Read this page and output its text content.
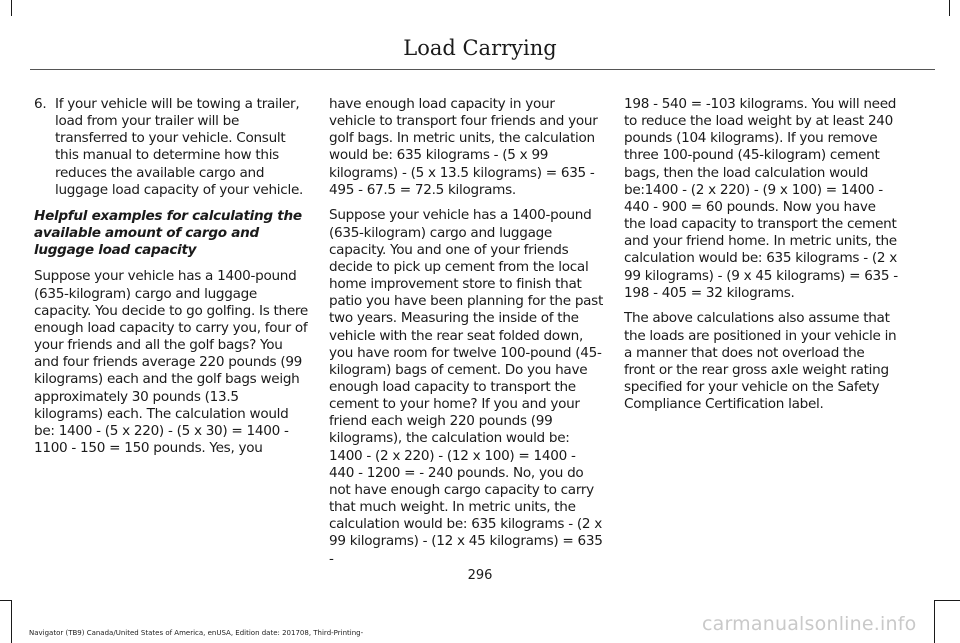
Load Carrying
6. If your vehicle will be towing a trailer, load from your trailer will be transferred to your vehicle. Consult this manual to determine how this reduces the available cargo and luggage load capacity of your vehicle.
Helpful examples for calculating the available amount of cargo and luggage load capacity

Suppose your vehicle has a 1400-pound (635-kilogram) cargo and luggage capacity. You decide to go golfing. Is there enough load capacity to carry you, four of your friends and all the golf bags? You and four friends average 220 pounds (99 kilograms) each and the golf bags weigh approximately 30 pounds (13.5 kilograms) each. The calculation would be: 1400 - (5 x 220) - (5 x 30) = 1400 - 1100 - 150 = 150 pounds. Yes, you

have enough load capacity in your vehicle to transport four friends and your golf bags. In metric units, the calculation would be: 635 kilograms - (5 x 99 kilograms) - (5 x 13.5 kilograms) = 635 - 495 - 67.5 = 72.5 kilograms.

Suppose your vehicle has a 1400-pound (635-kilogram) cargo and luggage capacity. You and one of your friends decide to pick up cement from the local home improvement store to finish that patio you have been planning for the past two years. Measuring the inside of the vehicle with the rear seat folded down, you have room for twelve 100-pound (45-kilogram) bags of cement. Do you have enough load capacity to transport the cement to your home? If you and your friend each weigh 220 pounds (99 kilograms), the calculation would be: 1400 - (2 x 220) - (12 x 100) = 1400 - 440 - 1200 = - 240 pounds. No, you do not have enough cargo capacity to carry that much weight. In metric units, the calculation would be: 635 kilograms - (2 x 99 kilograms) - (12 x 45 kilograms) = 635 -

198 - 540 = -103 kilograms. You will need to reduce the load weight by at least 240 pounds (104 kilograms). If you remove three 100-pound (45-kilogram) cement bags, then the load calculation would be:1400 - (2 x 220) - (9 x 100) = 1400 - 440 - 900 = 60 pounds. Now you have the load capacity to transport the cement and your friend home. In metric units, the calculation would be: 635 kilograms - (2 x 99 kilograms) - (9 x 45 kilograms) = 635 - 198 - 405 = 32 kilograms.

The above calculations also assume that the loads are positioned in your vehicle in a manner that does not overload the front or the rear gross axle weight rating specified for your vehicle on the Safety Compliance Certification label.

296
Navigator (TB9) Canada/United States of America, enUSA, Edition date: 201708, Third-Printing-	carmanualsonline.info
